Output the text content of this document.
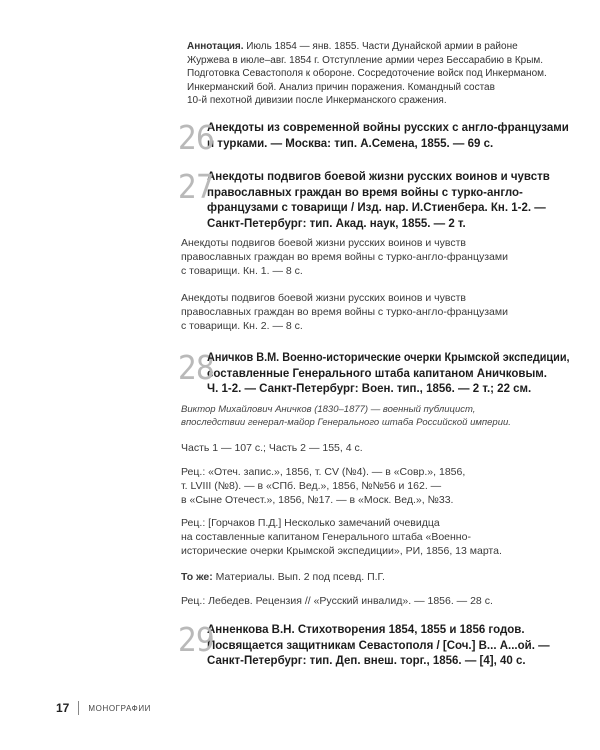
Аннотация. Июль 1854 — янв. 1855. Части Дунайской армии в районе
Журжева в июле–авг. 1854 г. Отступление армии через Бессарабию в Крым.
Подготовка Севастополя к обороне. Сосредоточение войск под Инкерманом.
Инкерманский бой. Анализ причин поражения. Командный состав
10-й пехотной дивизии после Инкерманского сражения.
26
Анекдоты из современной войны русских с англо-французами
и турками. — Москва: тип. А.Семена, 1855. — 69 с.
27
Анекдоты подвигов боевой жизни русских воинов и чувств
православных граждан во время войны с турко-англо-
французами с товарищи / Изд. нар. И.Стиенбера. Кн. 1-2. —
Санкт-Петербург: тип. Акад. наук, 1855. — 2 т.
Анекдоты подвигов боевой жизни русских воинов и чувств
православных граждан во время войны с турко-англо-французами
с товарищи. Кн. 1. — 8 с.
Анекдоты подвигов боевой жизни русских воинов и чувств
православных граждан во время войны с турко-англо-французами
с товарищи. Кн. 2. — 8 с.
28
Аничков В.М. Военно-исторические очерки Крымской экспедиции,
составленные Генерального штаба капитаном Аничковым.
Ч. 1-2. — Санкт-Петербург: Воен. тип., 1856. — 2 т.; 22 см.
Виктор Михайлович Аничков (1830–1877) — военный публицист,
впоследствии генерал-майор Генерального штаба Российской империи.
Часть 1 — 107 с.; Часть 2 — 155, 4 с.
Рец.: «Отеч. запис.», 1856, т. CV (№4). — в «Совр.», 1856,
т. LVIII (№8). — в «СПб. Вед.», 1856, №№56 и 162. —
в «Сыне Отечест.», 1856, №17. — в «Моск. Вед.», №33.
Рец.: [Горчаков П.Д.] Несколько замечаний очевидца
на составленные капитаном Генерального штаба «Военно-
исторические очерки Крымской экспедиции», РИ, 1856, 13 марта.
То же: Материалы. Вып. 2 под псевд. П.Г.
Рец.: Лебедев. Рецензия // «Русский инвалид». — 1856. — 28 с.
29
Анненкова В.Н. Стихотворения 1854, 1855 и 1856 годов.
Посвящается защитникам Севастополя / [Соч.] В... А...ой. —
Санкт-Петербург: тип. Деп. внеш. торг., 1856. — [4], 40 с.
17 МОНОГРАФИИ
